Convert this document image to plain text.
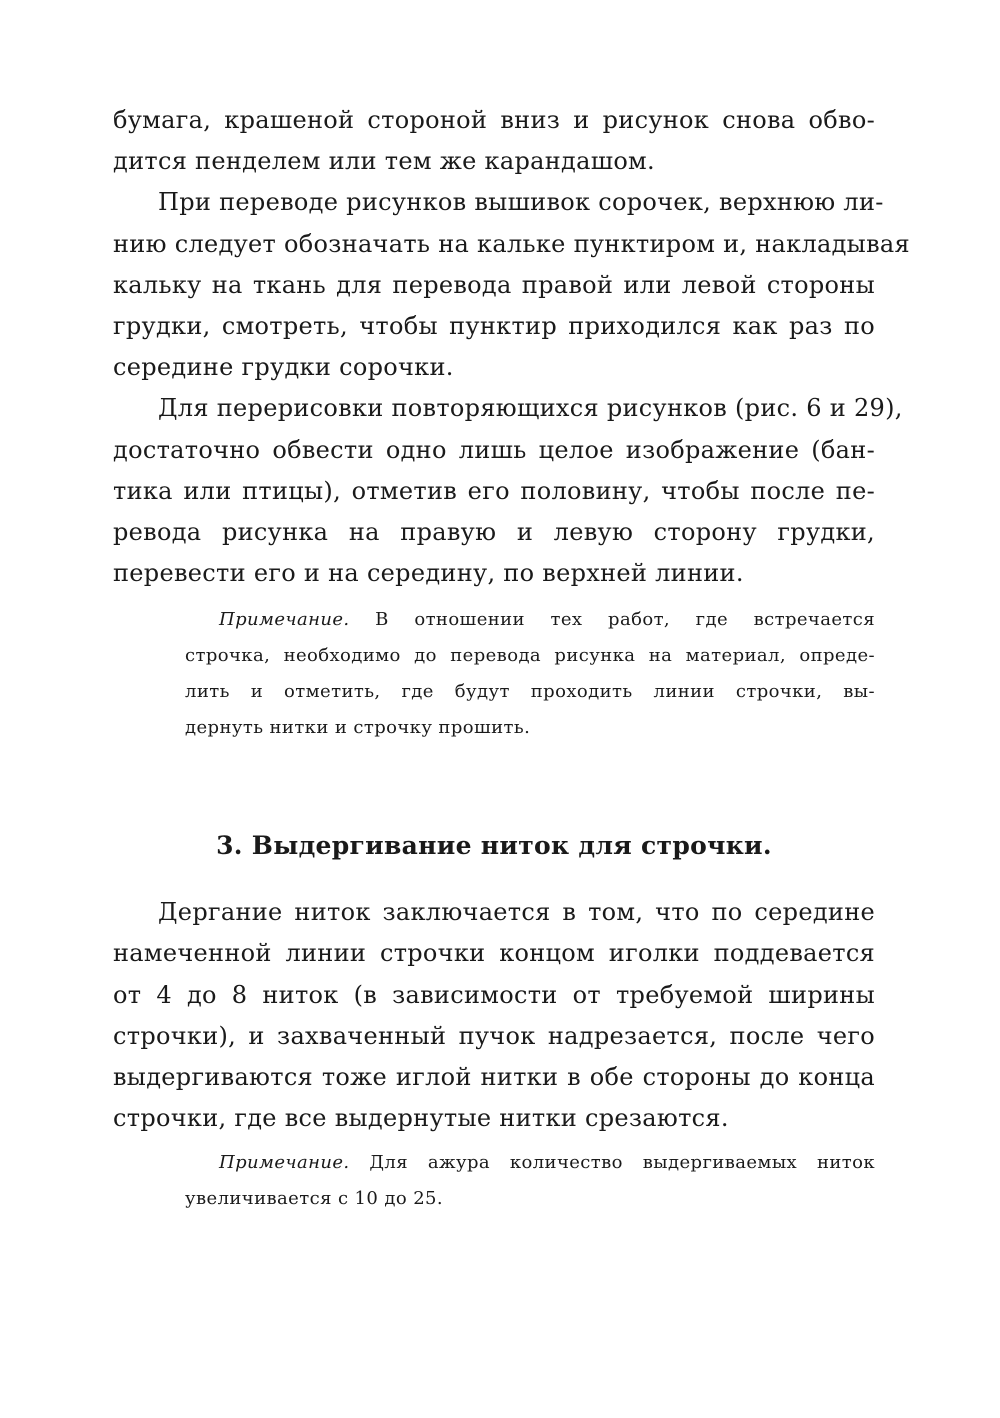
бумага, крашеной стороной вниз и рисунок снова обво-
дится пенделем или тем же карандашом.
При переводе рисунков вышивок сорочек, верхнюю ли-
нию следует обозначать на кальке пунктиром и, накладывая
кальку на ткань для перевода правой или левой стороны
грудки, смотреть, чтобы пунктир приходился как раз по
середине грудки сорочки.
Для перерисовки повторяющихся рисунков (рис. 6 и 29),
достаточно обвести одно лишь целое изображение (бан-
тика или птицы), отметив его половину, чтобы после пе-
ревода рисунка на правую и левую сторону грудки,
перевести его и на середину, по верхней линии.
Примечание. В отношении тех работ, где встречается
строчка, необходимо до перевода рисунка на материал, опреде-
лить и отметить, где будут проходить линии строчки, вы-
дернуть нитки и строчку прошить.
3. Выдергивание ниток для строчки.
Дергание ниток заключается в том, что по середине
намеченной линии строчки концом иголки поддевается
от 4 до 8 ниток (в зависимости от требуемой ширины
строчки), и захваченный пучок надрезается, после чего
выдергиваются тоже иглой нитки в обе стороны до конца
строчки, где все выдернутые нитки срезаются.
Примечание. Для ажура количество выдергиваемых ниток
увеличивается с 10 до 25.
